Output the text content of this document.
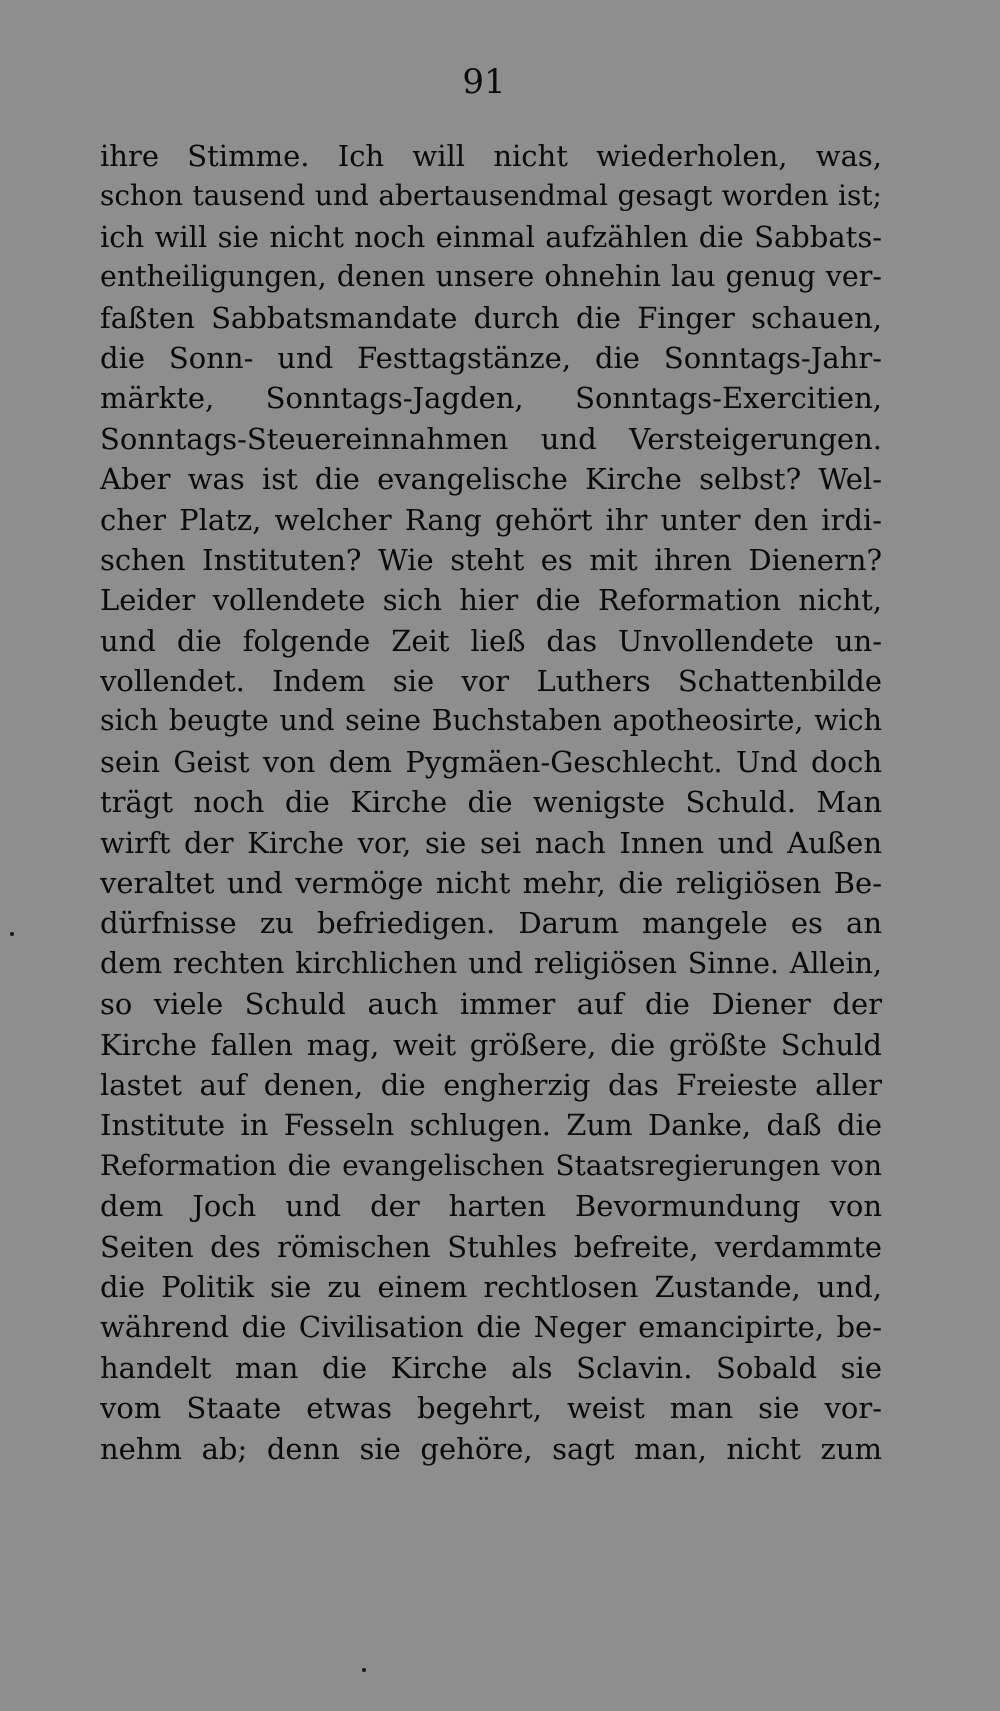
91
ihre Stimme. Ich will nicht wiederholen, was,
schon tausend und abertausendmal gesagt worden ist;
ich will sie nicht noch einmal aufzählen die Sabbats-
entheiligungen, denen unsere ohnehin lau genug ver-
faßten Sabbatsmandate durch die Finger schauen,
die Sonn- und Festtagstänze, die Sonntags-Jahr-
märkte, Sonntags-Jagden, Sonntags-Exercitien,
Sonntags-Steuereinnahmen und Versteigerungen.
Aber was ist die evangelische Kirche selbst? Wel-
cher Platz, welcher Rang gehört ihr unter den irdi-
schen Instituten? Wie steht es mit ihren Dienern?
Leider vollendete sich hier die Reformation nicht,
und die folgende Zeit ließ das Unvollendete un-
vollendet. Indem sie vor Luthers Schattenbilde
sich beugte und seine Buchstaben apotheosirte, wich
sein Geist von dem Pygmäen-Geschlecht. Und doch
trägt noch die Kirche die wenigste Schuld. Man
wirft der Kirche vor, sie sei nach Innen und Außen
veraltet und vermöge nicht mehr, die religiösen Be-
dürfnisse zu befriedigen. Darum mangele es an
dem rechten kirchlichen und religiösen Sinne. Allein,
so viele Schuld auch immer auf die Diener der
Kirche fallen mag, weit größere, die größte Schuld
lastet auf denen, die engherzig das Freieste aller
Institute in Fesseln schlugen. Zum Danke, daß die
Reformation die evangelischen Staatsregierungen von
dem Joch und der harten Bevormundung von
Seiten des römischen Stuhles befreite, verdammte
die Politik sie zu einem rechtlosen Zustande, und,
während die Civilisation die Neger emancipirte, be-
handelt man die Kirche als Sclavin. Sobald sie
vom Staate etwas begehrt, weist man sie vor-
nehm ab; denn sie gehöre, sagt man, nicht zum
